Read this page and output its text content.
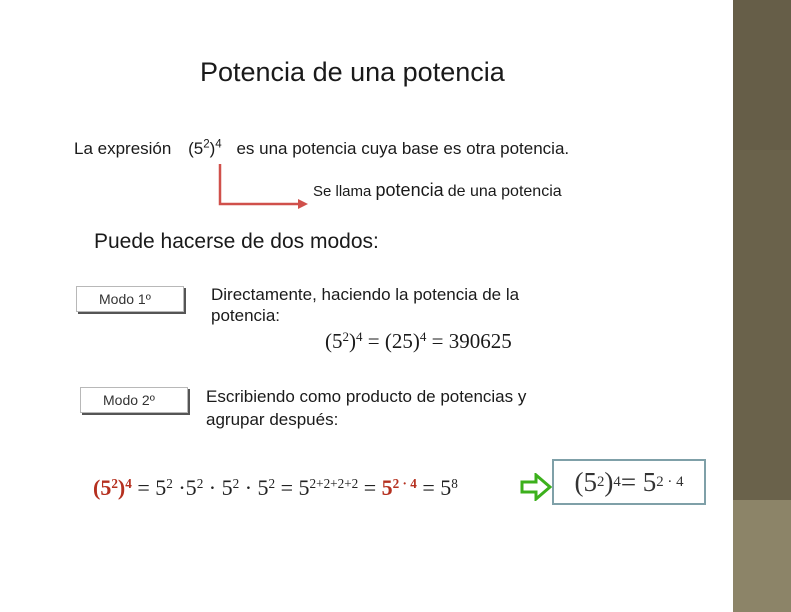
Potencia de una potencia
La expresión $(5^2)^4$ es una potencia cuya base es otra potencia.
Se llama potencia de una potencia
Puede hacerse de dos modos:
Modo 1º	Directamente, haciendo la potencia de la
potencia:
$(5^2)^4 = (25)^4 = 390625$
Modo 2º	Escribiendo como producto de potencias y
agrupar después:
$(5^2)^4 = 5^2 \cdot 5^2 \cdot 5^2 \cdot 5^2 = 5^{2+2+2+2} = 5^{2 \cdot 4} = 5^8$	(5 2 ) 4 = 5 2 · 4
